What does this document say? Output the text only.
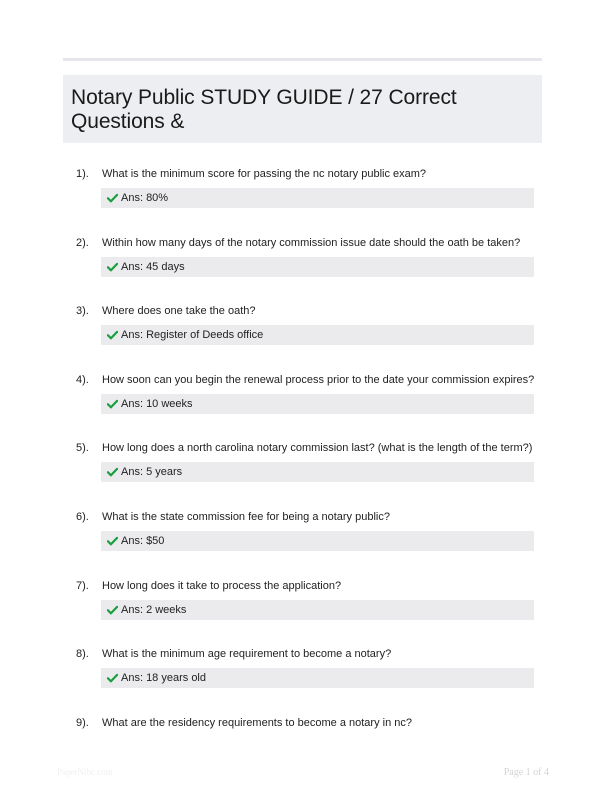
Notary Public STUDY GUIDE / 27 Correct Questions &
1). What is the minimum score for passing the nc notary public exam?
Ans: 80%
2). Within how many days of the notary commission issue date should the oath be taken?
Ans: 45 days
3). Where does one take the oath?
Ans: Register of Deeds office
4). How soon can you begin the renewal process prior to the date your commission expires?
Ans: 10 weeks
5). How long does a north carolina notary commission last? (what is the length of the term?)
Ans: 5 years
6). What is the state commission fee for being a notary public?
Ans: $50
7). How long does it take to process the application?
Ans: 2 weeks
8). What is the minimum age requirement to become a notary?
Ans: 18 years old
9). What are the residency requirements to become a notary in nc?
PaperNibc.com	Page 1 of 4
